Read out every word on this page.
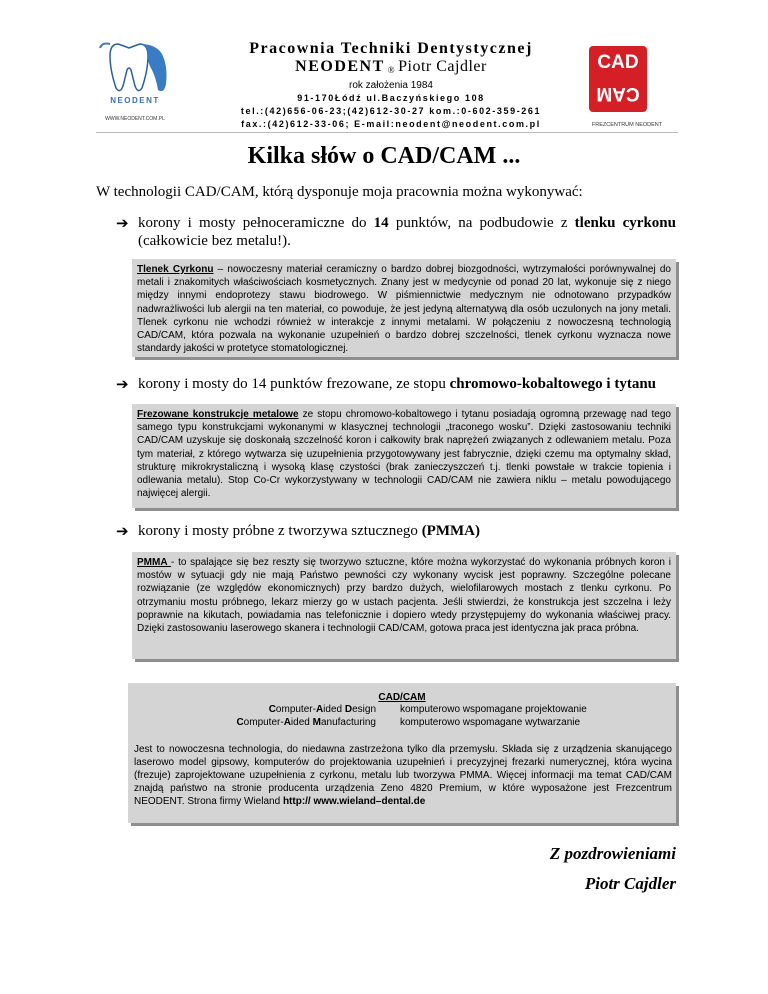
NEODENT
WWW.NEODENT.COM.PL
Pracownia Techniki Dentystycznej
NEODENT ® Piotr Cajdler
rok założenia 1984
91-170Łódź ul.Baczyńskiego 108
tel.:(42)656-06-23;(42)612-30-27 kom.:0-602-359-261
fax.:(42)612-33-06; E-mail:neodent@neodent.com.pl
CAD
CAM
FREZCENTRUM NEODENT
Kilka słów o CAD/CAM ...
W technologii CAD/CAM, którą dysponuje moja pracownia można wykonywać:
➔ korony i mosty pełnoceramiczne do 14 punktów, na podbudowie z tlenku cyrkonu (całkowicie bez metalu!).
Tlenek Cyrkonu – nowoczesny materiał ceramiczny o bardzo dobrej biozgodności, wytrzymałości porównywalnej do metali i znakomitych właściwościach kosmetycznych. Znany jest w medycynie od ponad 20 lat, wykonuje się z niego między innymi endoprotezy stawu biodrowego. W piśmiennictwie medycznym nie odnotowano przypadków nadwrażliwości lub alergii na ten materiał, co powoduje, że jest jedyną alternatywą dla osób uczulonych na jony metali. Tlenek cyrkonu nie wchodzi również w interakcje z innymi metalami. W połączeniu z nowoczesną technologią CAD/CAM, która pozwala na wykonanie uzupełnień o bardzo dobrej szczelności, tlenek cyrkonu wyznacza nowe standardy jakości w protetyce stomatologicznej.
➔ korony i mosty do 14 punktów frezowane, ze stopu chromowo-kobaltowego i tytanu
Frezowane konstrukcje metalowe ze stopu chromowo-kobaltowego i tytanu posiadają ogromną przewagę nad tego samego typu konstrukcjami wykonanymi w klasycznej technologii „traconego wosku”. Dzięki zastosowaniu techniki CAD/CAM uzyskuje się doskonałą szczelność koron i całkowity brak naprężeń związanych z odlewaniem metalu. Poza tym materiał, z którego wytwarza się uzupełnienia przygotowywany jest fabrycznie, dzięki czemu ma optymalny skład, strukturę mikrokrystaliczną i wysoką klasę czystości (brak zanieczyszczeń t.j. tlenki powstałe w trakcie topienia i odlewania metalu). Stop Co-Cr wykorzystywany w technologii CAD/CAM nie zawiera niklu – metalu powodującego najwięcej alergii.
➔ korony i mosty próbne z tworzywa sztucznego (PMMA)
PMMA - to spalające się bez reszty się tworzywo sztuczne, które można wykorzystać do wykonania próbnych koron i mostów w sytuacji gdy nie mają Państwo pewności czy wykonany wycisk jest poprawny. Szczególne polecane rozwiązanie (ze względów ekonomicznych) przy bardzo dużych, wielofilarowych mostach z tlenku cyrkonu. Po otrzymaniu mostu próbnego, lekarz mierzy go w ustach pacjenta. Jeśli stwierdzi, że konstrukcja jest szczelna i leży poprawnie na kikutach, powiadamia nas telefonicznie i dopiero wtedy przystępujemy do wykonania właściwej pracy. Dzięki zastosowaniu laserowego skanera i technologii CAD/CAM, gotowa praca jest identyczna jak praca próbna.
CAD/CAM
Computer-Aided Design komputerowo wspomagane projektowanie
Computer-Aided Manufacturing komputerowo wspomagane wytwarzanie
Jest to nowoczesna technologia, do niedawna zastrzeżona tylko dla przemysłu. Składa się z urządzenia skanującego laserowo model gipsowy, komputerów do projektowania uzupełnień i precyzyjnej frezarki numerycznej, która wycina (frezuje) zaprojektowane uzupełnienia z cyrkonu, metalu lub tworzywa PMMA. Więcej informacji ma temat CAD/CAM znajdą państwo na stronie producenta urządzenia Zeno 4820 Premium, w które wyposażone jest Frezcentrum NEODENT. Strona firmy Wieland http:// www.wieland–dental.de
Z pozdrowieniami
Piotr Cajdler
